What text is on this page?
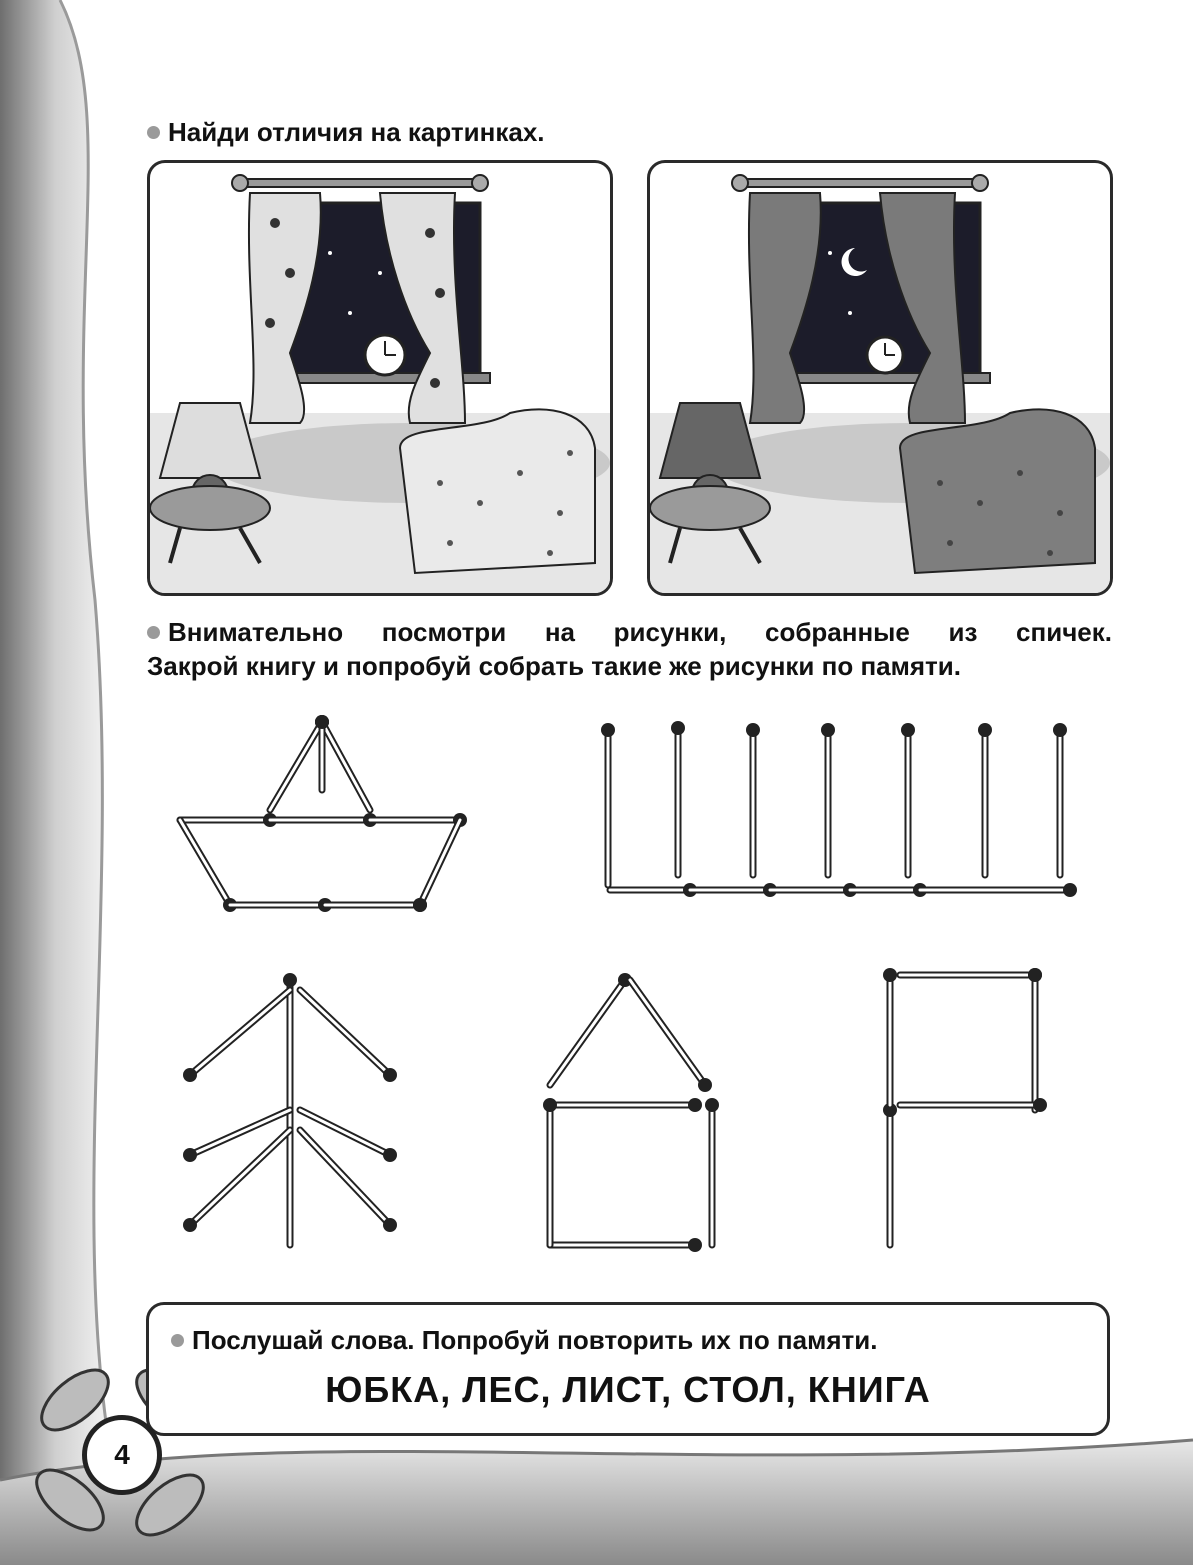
Найди отличия на картинках.
Внимательно посмотри на рисунки, собранные из спичек.
Закрой книгу и попробуй собрать такие же рисунки по памяти.
Послушай слова. Попробуй повторить их по памяти.
ЮБКА, ЛЕС, ЛИСТ, СТОЛ, КНИГА
4
